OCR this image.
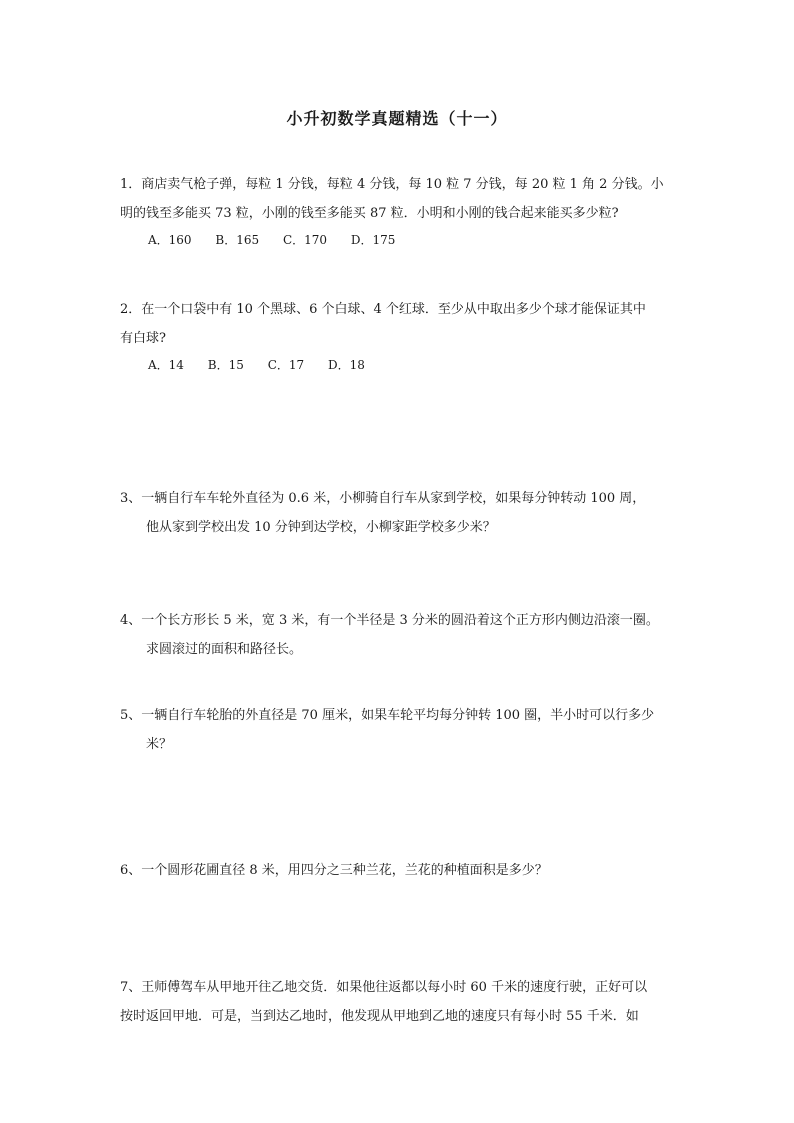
小升初数学真题精选（十一）
1．商店卖气枪子弹，每粒 1 分钱，每粒 4 分钱，每 10 粒 7 分钱，每 20 粒 1 角 2 分钱。小
明的钱至多能买 73 粒，小刚的钱至多能买 87 粒．小明和小刚的钱合起来能买多少粒?
A．160 B．165 C．170 D．175
2．在一个口袋中有 10 个黑球、6 个白球、4 个红球．至少从中取出多少个球才能保证其中
有白球?
A．14 B．15 C．17 D．18
3、一辆自行车车轮外直径为 0.6 米，小柳骑自行车从家到学校，如果每分钟转动 100 周，
他从家到学校出发 10 分钟到达学校，小柳家距学校多少米？
4、一个长方形长 5 米，宽 3 米，有一个半径是 3 分米的圆沿着这个正方形内侧边沿滚一圈。
求圆滚过的面积和路径长。
5、一辆自行车轮胎的外直径是 70 厘米，如果车轮平均每分钟转 100 圈，半小时可以行多少
米？
6、一个圆形花圃直径 8 米，用四分之三种兰花，兰花的种植面积是多少？
7、王师傅驾车从甲地开往乙地交货．如果他往返都以每小时 60 千米的速度行驶，正好可以
按时返回甲地．可是，当到达乙地时，他发现从甲地到乙地的速度只有每小时 55 千米．如
